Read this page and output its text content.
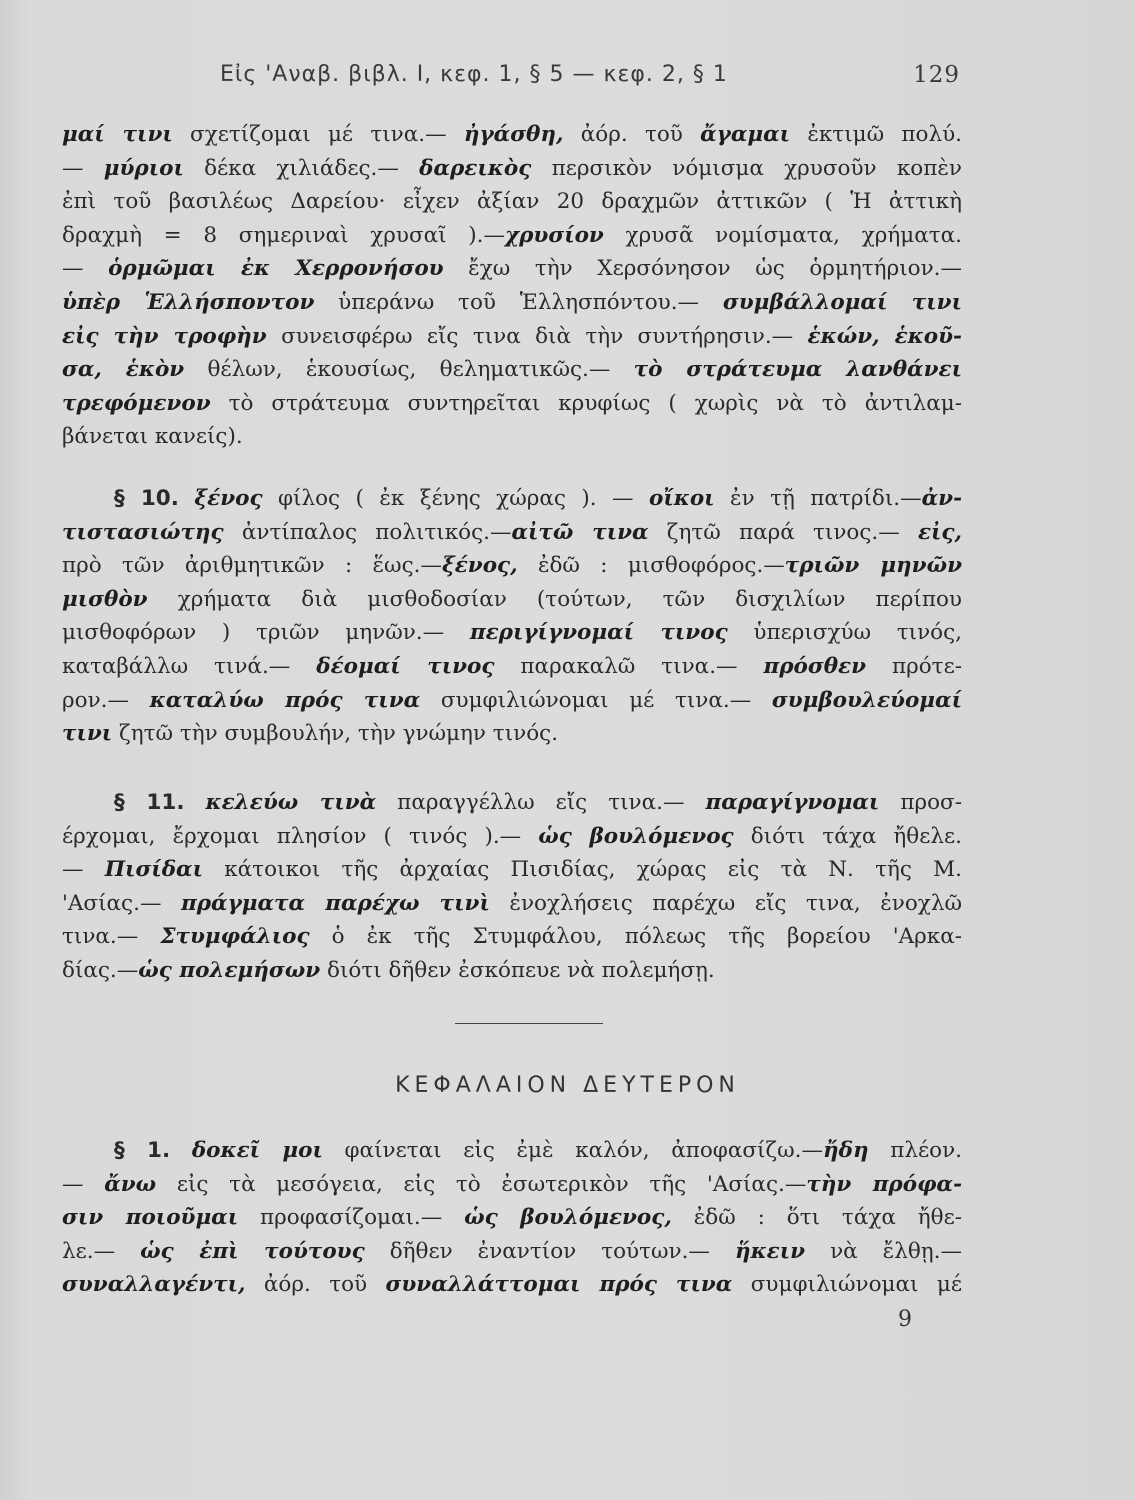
Εἰς 'Αναβ. βιβλ. Ι, κεφ. 1, § 5 — κεφ. 2, § 1	129
μαί τινι σχετίζομαι μέ τινα.— ἠγάσθη, ἀόρ. τοῦ ἄγαμαι ἐκτιμῶ πολύ.
— μύριοι δέκα χιλιάδες.— δαρεικὸς περσικὸν νόμισμα χρυσοῦν κοπὲν
ἐπὶ τοῦ βασιλέως Δαρείου· εἶχεν ἀξίαν 20 δραχμῶν ἀττικῶν ( Ἡ ἀττικὴ
δραχμὴ = 8 σημεριναὶ χρυσαῖ ).—χρυσίον χρυσᾶ νομίσματα, χρήματα.
— ὁρμῶμαι ἐκ Χερρονήσου ἔχω τὴν Χερσόνησον ὡς ὁρμητήριον.—
ὑπὲρ Ἑλλήσποντον ὑπεράνω τοῦ Ἑλλησπόντου.— συμβάλλομαί τινι
εἰς τὴν τροφὴν συνεισφέρω εἴς τινα διὰ τὴν συντήρησιν.— ἑκών, ἑκοῦ-
σα, ἑκὸν θέλων, ἑκουσίως, θεληματικῶς.— τὸ στράτευμα λανθάνει
τρεφόμενον τὸ στράτευμα συντηρεῖται κρυφίως ( χωρὶς νὰ τὸ ἀντιλαμ-
βάνεται κανείς).
§ 10. ξένος φίλος ( ἐκ ξένης χώρας ). — οἴκοι ἐν τῇ πατρίδι.—ἀν-
τιστασιώτης ἀντίπαλος πολιτικός.—αἰτῶ τινα ζητῶ παρά τινος.— εἰς,
πρὸ τῶν ἀριθμητικῶν : ἕως.—ξένος, ἐδῶ : μισθοφόρος.—τριῶν μηνῶν
μισθὸν χρήματα διὰ μισθοδοσίαν (τούτων, τῶν δισχιλίων περίπου
μισθοφόρων ) τριῶν μηνῶν.— περιγίγνομαί τινος ὑπερισχύω τινός,
καταβάλλω τινά.— δέομαί τινος παρακαλῶ τινα.— πρόσθεν πρότε-
ρον.— καταλύω πρός τινα συμφιλιώνομαι μέ τινα.— συμβουλεύομαί
τινι ζητῶ τὴν συμβουλήν, τὴν γνώμην τινός.
§ 11. κελεύω τινὰ παραγγέλλω εἴς τινα.— παραγίγνομαι προσ-
έρχομαι, ἔρχομαι πλησίον ( τινός ).— ὡς βουλόμενος διότι τάχα ἤθελε.
— Πισίδαι κάτοικοι τῆς ἀρχαίας Πισιδίας, χώρας εἰς τὰ Ν. τῆς Μ.
'Ασίας.— πράγματα παρέχω τινὶ ἐνοχλήσεις παρέχω εἴς τινα, ἐνοχλῶ
τινα.— Στυμφάλιος ὁ ἐκ τῆς Στυμφάλου, πόλεως τῆς βορείου 'Αρκα-
δίας.—ὡς πολεμήσων διότι δῆθεν ἐσκόπευε νὰ πολεμήσῃ.
ΚΕΦΑΛΑΙΟΝ ΔΕΥΤΕΡΟΝ
§ 1. δοκεῖ μοι φαίνεται εἰς ἐμὲ καλόν, ἀποφασίζω.—ἤδη πλέον.
— ἄνω εἰς τὰ μεσόγεια, εἰς τὸ ἐσωτερικὸν τῆς 'Ασίας.—τὴν πρόφα-
σιν ποιοῦμαι προφασίζομαι.— ὡς βουλόμενος, ἐδῶ : ὅτι τάχα ἤθε-
λε.— ὡς ἐπὶ τούτους δῆθεν ἐναντίον τούτων.— ἥκειν νὰ ἔλθῃ.—
συναλλαγέντι, ἀόρ. τοῦ συναλλάττομαι πρός τινα συμφιλιώνομαι μέ
9
